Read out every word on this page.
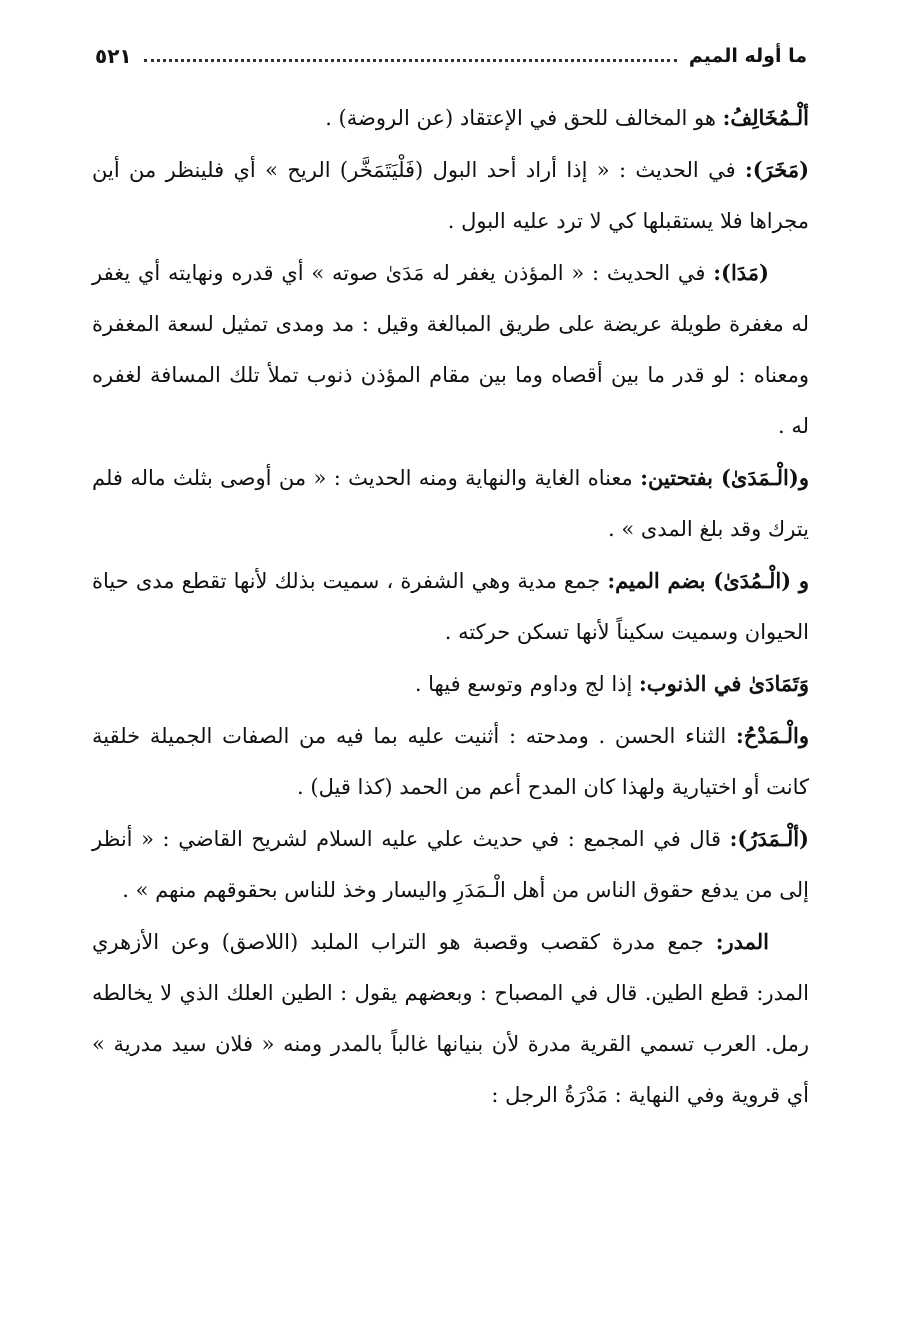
ما أوله الميم
٥٢١

ألْـمُخَالِفُ: هو المخالف للحق في الإعتقاد (عن الروضة) .

(مَخَرَ): في الحديث : « إذا أراد أحد البول (فَلْيَتَمَخَّر) الريح » أي فلينظر من أين مجراها فلا يستقبلها كي لا ترد عليه البول .

(مَدَا): في الحديث : « المؤذن يغفر له مَدَىٰ صوته » أي قدره ونهايته أي يغفر له مغفرة طويلة عريضة على طريق المبالغة وقيل : مد ومدى تمثيل لسعة المغفرة ومعناه : لو قدر ما بين أقصاه وما بين مقام المؤذن ذنوب تملأ تلك المسافة لغفره له .

و(الْـمَدَىٰ) بفتحتين: معناه الغاية والنهاية ومنه الحديث : « من أوصى بثلث ماله فلم يترك وقد بلغ المدى » .

و (الْـمُدَىٰ) بضم الميم: جمع مدية وهي الشفرة ، سميت بذلك لأنها تقطع مدى حياة الحيوان وسميت سكيناً لأنها تسكن حركته .

وَتَمَادَىٰ في الذنوب: إذا لج وداوم وتوسع فيها .

والْـمَدْحُ: الثناء الحسن . ومدحته : أثنيت عليه بما فيه من الصفات الجميلة خلقية كانت أو اختيارية ولهذا كان المدح أعم من الحمد (كذا قيل) .

(ألْـمَدَرُ): قال في المجمع : في حديث علي عليه السلام لشريح القاضي : « أنظر إلى من يدفع حقوق الناس من أهل الْـمَدَرِ واليسار وخذ للناس بحقوقهم منهم » .

المدر: جمع مدرة كقصب وقصبة هو التراب الملبد (اللاصق) وعن الأزهري المدر: قطع الطين. قال في المصباح : وبعضهم يقول : الطين العلك الذي لا يخالطه رمل. العرب تسمي القرية مدرة لأن بنيانها غالباً بالمدر ومنه « فلان سيد مدرية » أي قروية وفي النهاية : مَدْرَةُ الرجل :
